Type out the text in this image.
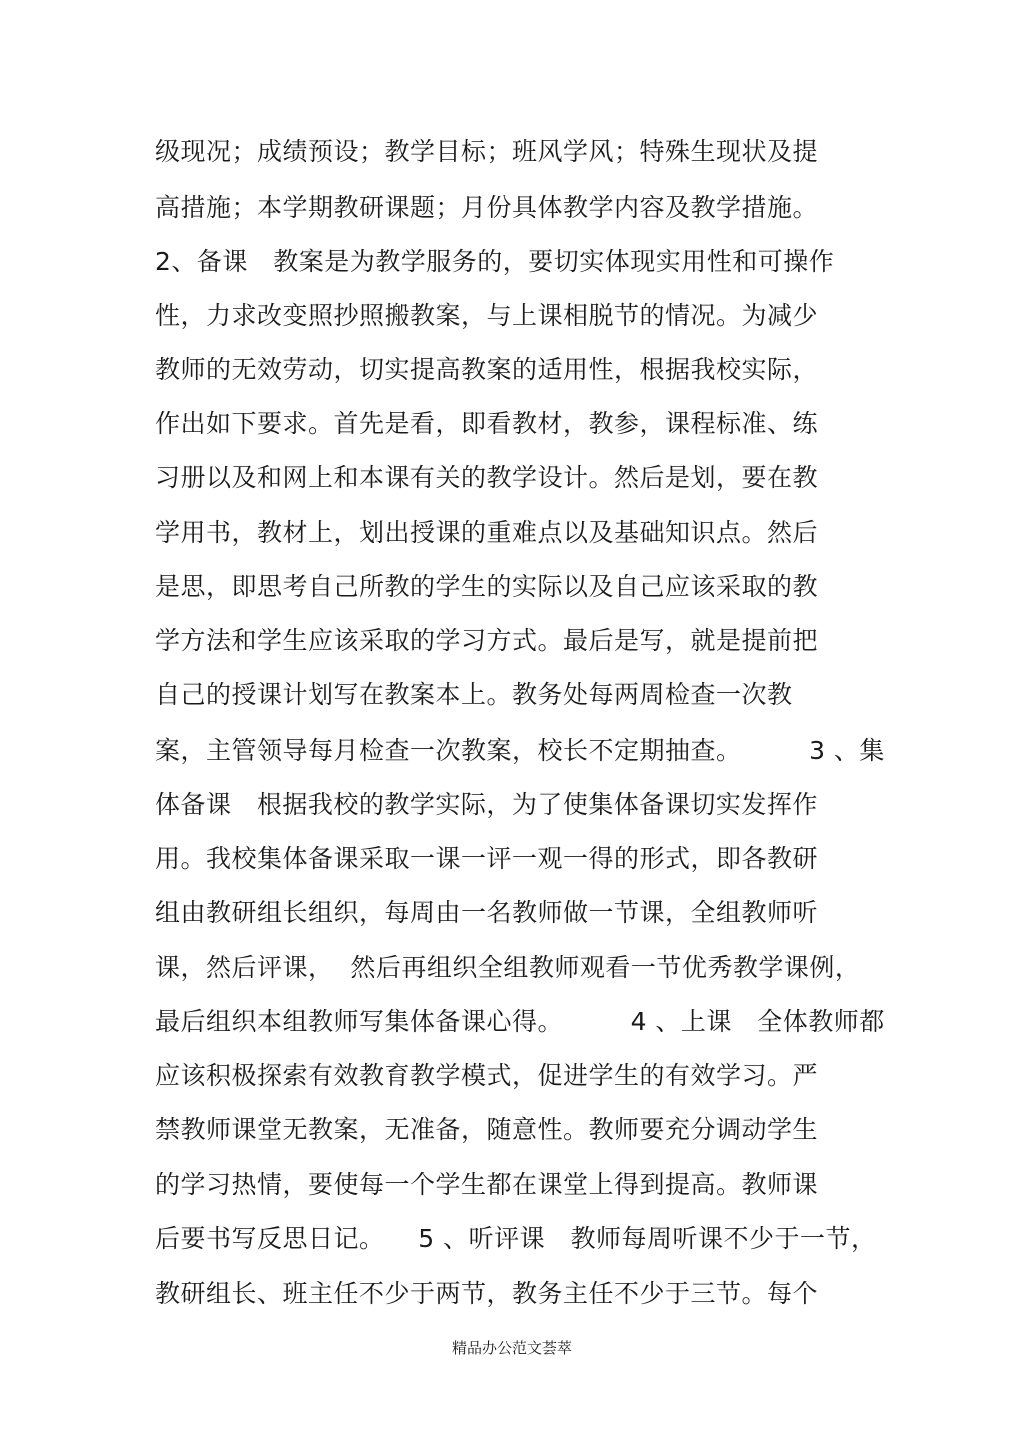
级现况；成绩预设；教学目标；班风学风；特殊生现状及提
高措施；本学期教研课题；月份具体教学内容及教学措施。
2、备课   教案是为教学服务的，要切实体现实用性和可操作
性，力求改变照抄照搬教案，与上课相脱节的情况。为减少
教师的无效劳动，切实提高教案的适用性，根据我校实际，
作出如下要求。首先是看，即看教材，教参，课程标准、练
习册以及和网上和本课有关的教学设计。然后是划，要在教
学用书，教材上，划出授课的重难点以及基础知识点。然后
是思，即思考自己所教的学生的实际以及自己应该采取的教
学方法和学生应该采取的学习方式。最后是写，就是提前把
自己的授课计划写在教案本上。教务处每两周检查一次教
案，主管领导每月检查一次教案，校长不定期抽查。        3 、集
体备课   根据我校的教学实际，为了使集体备课切实发挥作
用。我校集体备课采取一课一评一观一得的形式，即各教研
组由教研组长组织，每周由一名教师做一节课，全组教师听
课，然后评课，  然后再组织全组教师观看一节优秀教学课例，
最后组织本组教师写集体备课心得。        4 、上课   全体教师都
应该积极探索有效教育教学模式，促进学生的有效学习。严
禁教师课堂无教案，无准备，随意性。教师要充分调动学生
的学习热情，要使每一个学生都在课堂上得到提高。教师课
后要书写反思日记。    5 、听评课   教师每周听课不少于一节，
教研组长、班主任不少于两节，教务主任不少于三节。每个
精品办公范文荟萃
